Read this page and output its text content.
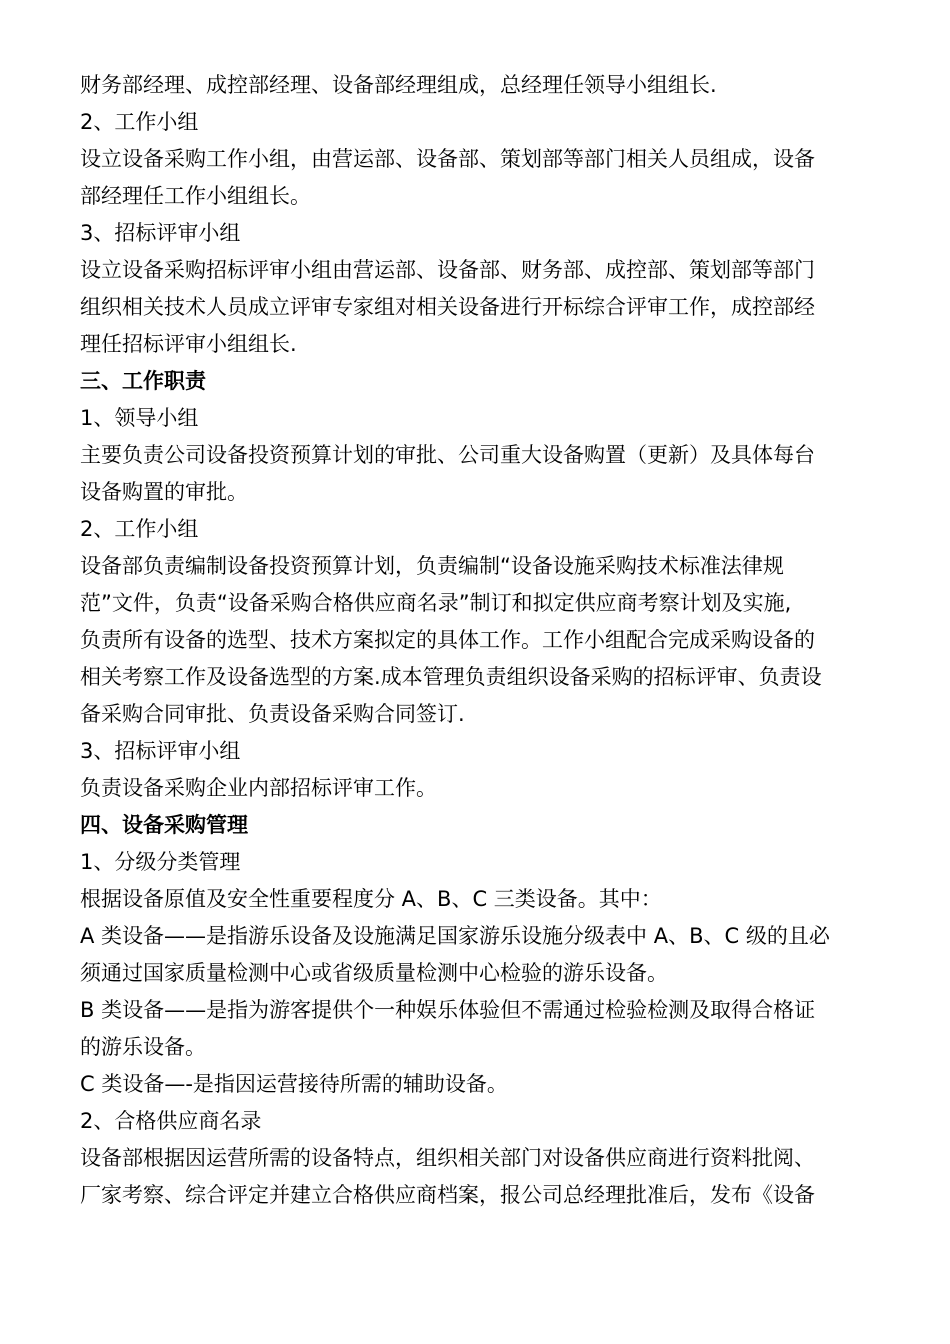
财务部经理、成控部经理、设备部经理组成，总经理任领导小组组长.
2、工作小组
设立设备采购工作小组，由营运部、设备部、策划部等部门相关人员组成，设备
部经理任工作小组组长。
3、招标评审小组
设立设备采购招标评审小组由营运部、设备部、财务部、成控部、策划部等部门
组织相关技术人员成立评审专家组对相关设备进行开标综合评审工作，成控部经
理任招标评审小组组长.
三、工作职责
1、领导小组
主要负责公司设备投资预算计划的审批、公司重大设备购置（更新）及具体每台
设备购置的审批。
2、工作小组
设备部负责编制设备投资预算计划，负责编制“设备设施采购技术标准法律规
范”文件，负责“设备采购合格供应商名录”制订和拟定供应商考察计划及实施,
负责所有设备的选型、技术方案拟定的具体工作。工作小组配合完成采购设备的
相关考察工作及设备选型的方案.成本管理负责组织设备采购的招标评审、负责设
备采购合同审批、负责设备采购合同签订.
3、招标评审小组
负责设备采购企业内部招标评审工作。
四、设备采购管理
1、分级分类管理
根据设备原值及安全性重要程度分 A、B、C 三类设备。其中：
A 类设备——是指游乐设备及设施满足国家游乐设施分级表中 A、B、C 级的且必
须通过国家质量检测中心或省级质量检测中心检验的游乐设备。
B 类设备——是指为游客提供个一种娱乐体验但不需通过检验检测及取得合格证
的游乐设备。
C 类设备—-是指因运营接待所需的辅助设备。
2、合格供应商名录
设备部根据因运营所需的设备特点，组织相关部门对设备供应商进行资料批阅、
厂家考察、综合评定并建立合格供应商档案，报公司总经理批准后，发布《设备
